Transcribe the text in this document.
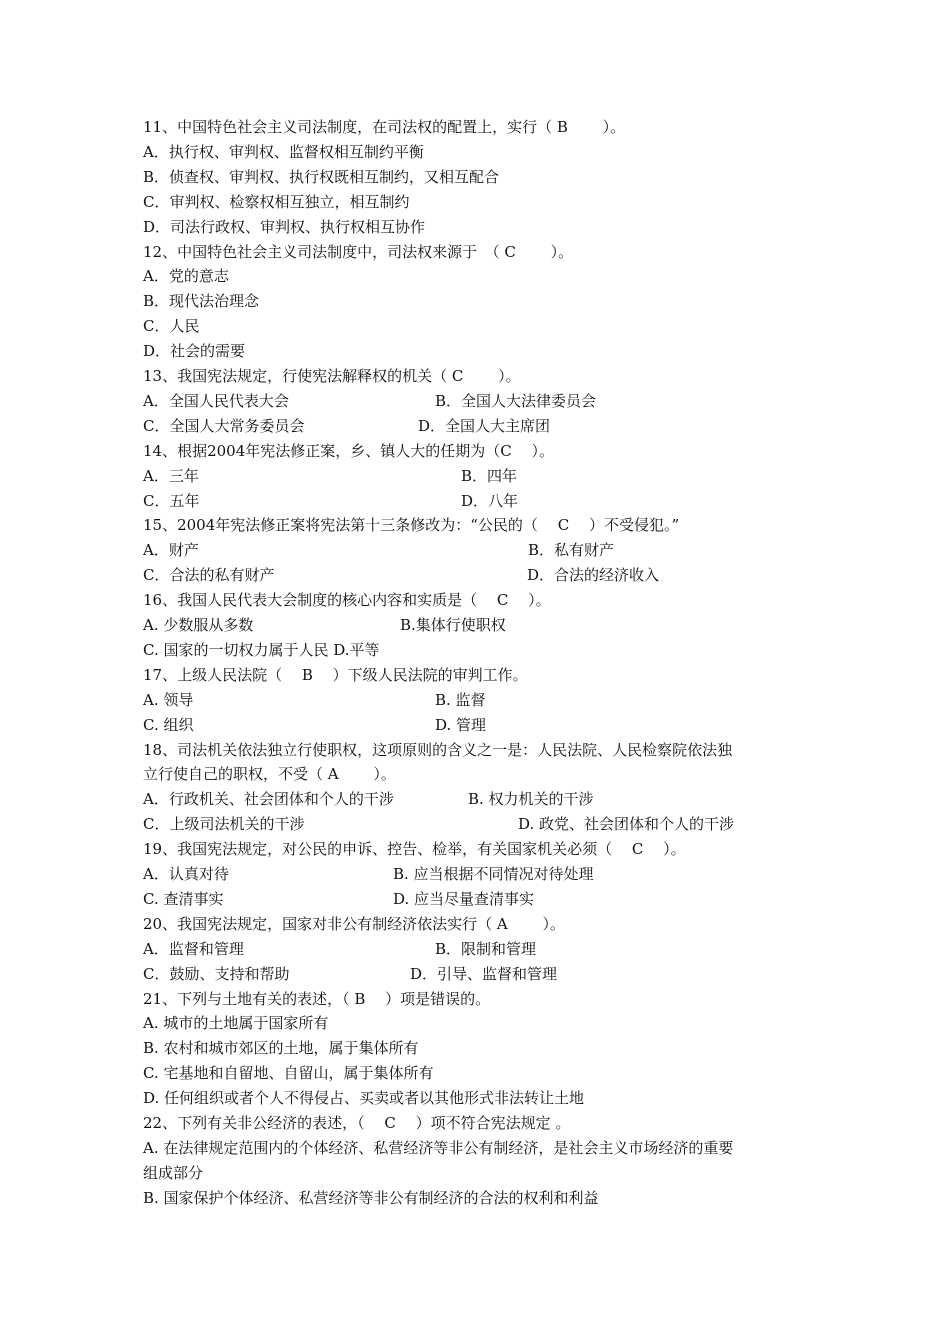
11、中国特色社会主义司法制度，在司法权的配置上，实行（ B　　 ）。
A．执行权、审判权、监督权相互制约平衡
B．侦查权、审判权、执行权既相互制约，又相互配合
C．审判权、检察权相互独立，相互制约
D．司法行政权、审判权、执行权相互协作
12、中国特色社会主义司法制度中，司法权来源于　（ C　　 ）。
A．党的意志
B．现代法治理念
C．人民
D．社会的需要
13、我国宪法规定，行使宪法解释权的机关（ C　　 ）。
A．全国人民代表大会	B．全国人大法律委员会
C．全国人大常务委员会	D．全国人大主席团
14、根据2004年宪法修正案，乡、镇人大的任期为（C　 ）。
A．三年	B．四年
C．五年	D．八年
15、2004年宪法修正案将宪法第十三条修改为：“公民的（　 C　 ）不受侵犯。”
A．财产	B．私有财产
C．合法的私有财产	D．合法的经济收入
16、我国人民代表大会制度的核心内容和实质是（　 C　 ）。
A. 少数服从多数	B.集体行使职权
C. 国家的一切权力属于人民 D.平等
17、上级人民法院（　 B　 ）下级人民法院的审判工作。
A. 领导	B. 监督
C. 组织	D. 管理
18、司法机关依法独立行使职权，这项原则的含义之一是：人民法院、人民检察院依法独
立行使自己的职权，不受（ A　　 ）。
A．行政机关、社会团体和个人的干涉	B. 权力机关的干涉
C．上级司法机关的干涉	D. 政党、社会团体和个人的干涉
19、我国宪法规定，对公民的申诉、控告、检举，有关国家机关必须（　 C　 ）。
A．认真对待	B. 应当根据不同情况对待处理
C. 查清事实	D. 应当尽量查清事实
20、我国宪法规定，国家对非公有制经济依法实行（ A　　 ）。
A．监督和管理	B．限制和管理
C．鼓励、支持和帮助	D．引导、监督和管理
21、下列与土地有关的表述，（ B　 ）项是错误的。
A. 城市的土地属于国家所有
B. 农村和城市郊区的土地，属于集体所有
C. 宅基地和自留地、自留山，属于集体所有
D. 任何组织或者个人不得侵占、买卖或者以其他形式非法转让土地
22、下列有关非公经济的表述，（　 C　 ）项不符合宪法规定 。
A. 在法律规定范围内的个体经济、私营经济等非公有制经济，是社会主义市场经济的重要
组成部分
B. 国家保护个体经济、私营经济等非公有制经济的合法的权利和利益
